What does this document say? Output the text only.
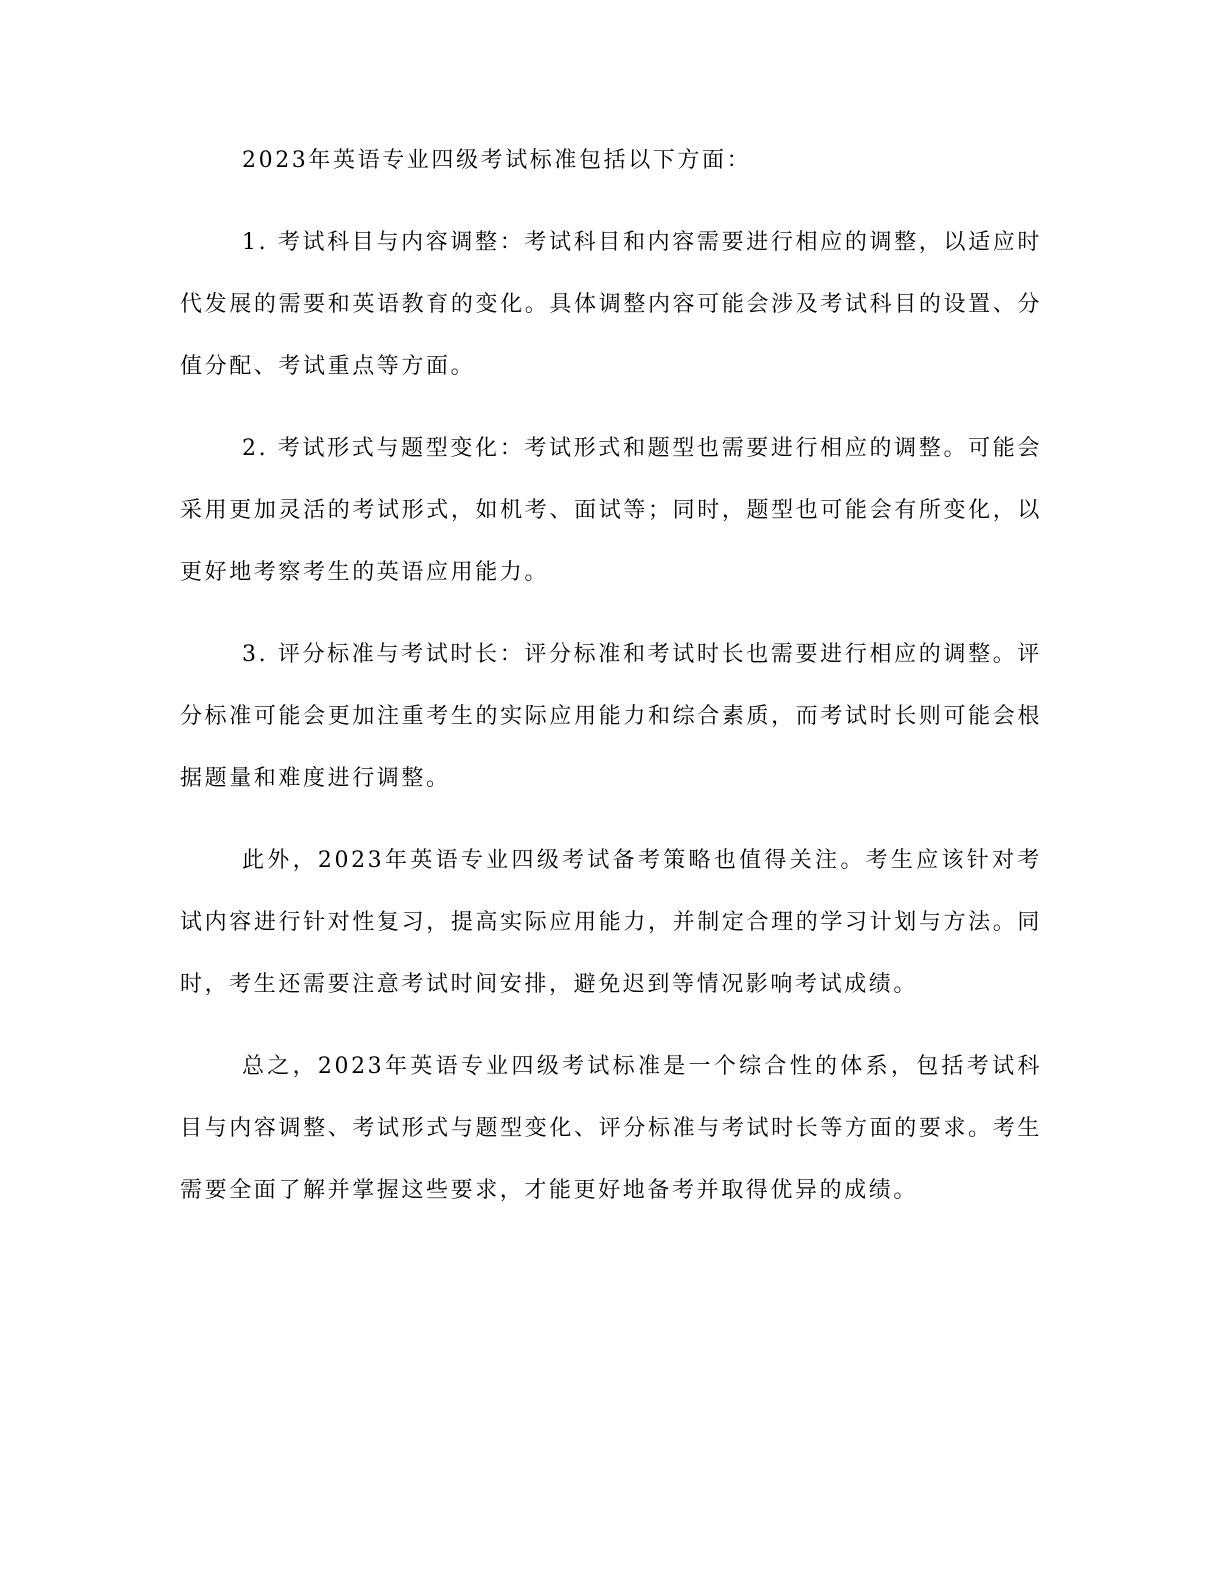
2023年英语专业四级考试标准包括以下方面：

1. 考试科目与内容调整：考试科目和内容需要进行相应的调整，以适应时代发展的需要和英语教育的变化。具体调整内容可能会涉及考试科目的设置、分值分配、考试重点等方面。

2. 考试形式与题型变化：考试形式和题型也需要进行相应的调整。可能会采用更加灵活的考试形式，如机考、面试等；同时，题型也可能会有所变化，以更好地考察考生的英语应用能力。

3. 评分标准与考试时长：评分标准和考试时长也需要进行相应的调整。评分标准可能会更加注重考生的实际应用能力和综合素质，而考试时长则可能会根据题量和难度进行调整。

此外，2023年英语专业四级考试备考策略也值得关注。考生应该针对考试内容进行针对性复习，提高实际应用能力，并制定合理的学习计划与方法。同时，考生还需要注意考试时间安排，避免迟到等情况影响考试成绩。

总之，2023年英语专业四级考试标准是一个综合性的体系，包括考试科目与内容调整、考试形式与题型变化、评分标准与考试时长等方面的要求。考生需要全面了解并掌握这些要求，才能更好地备考并取得优异的成绩。
